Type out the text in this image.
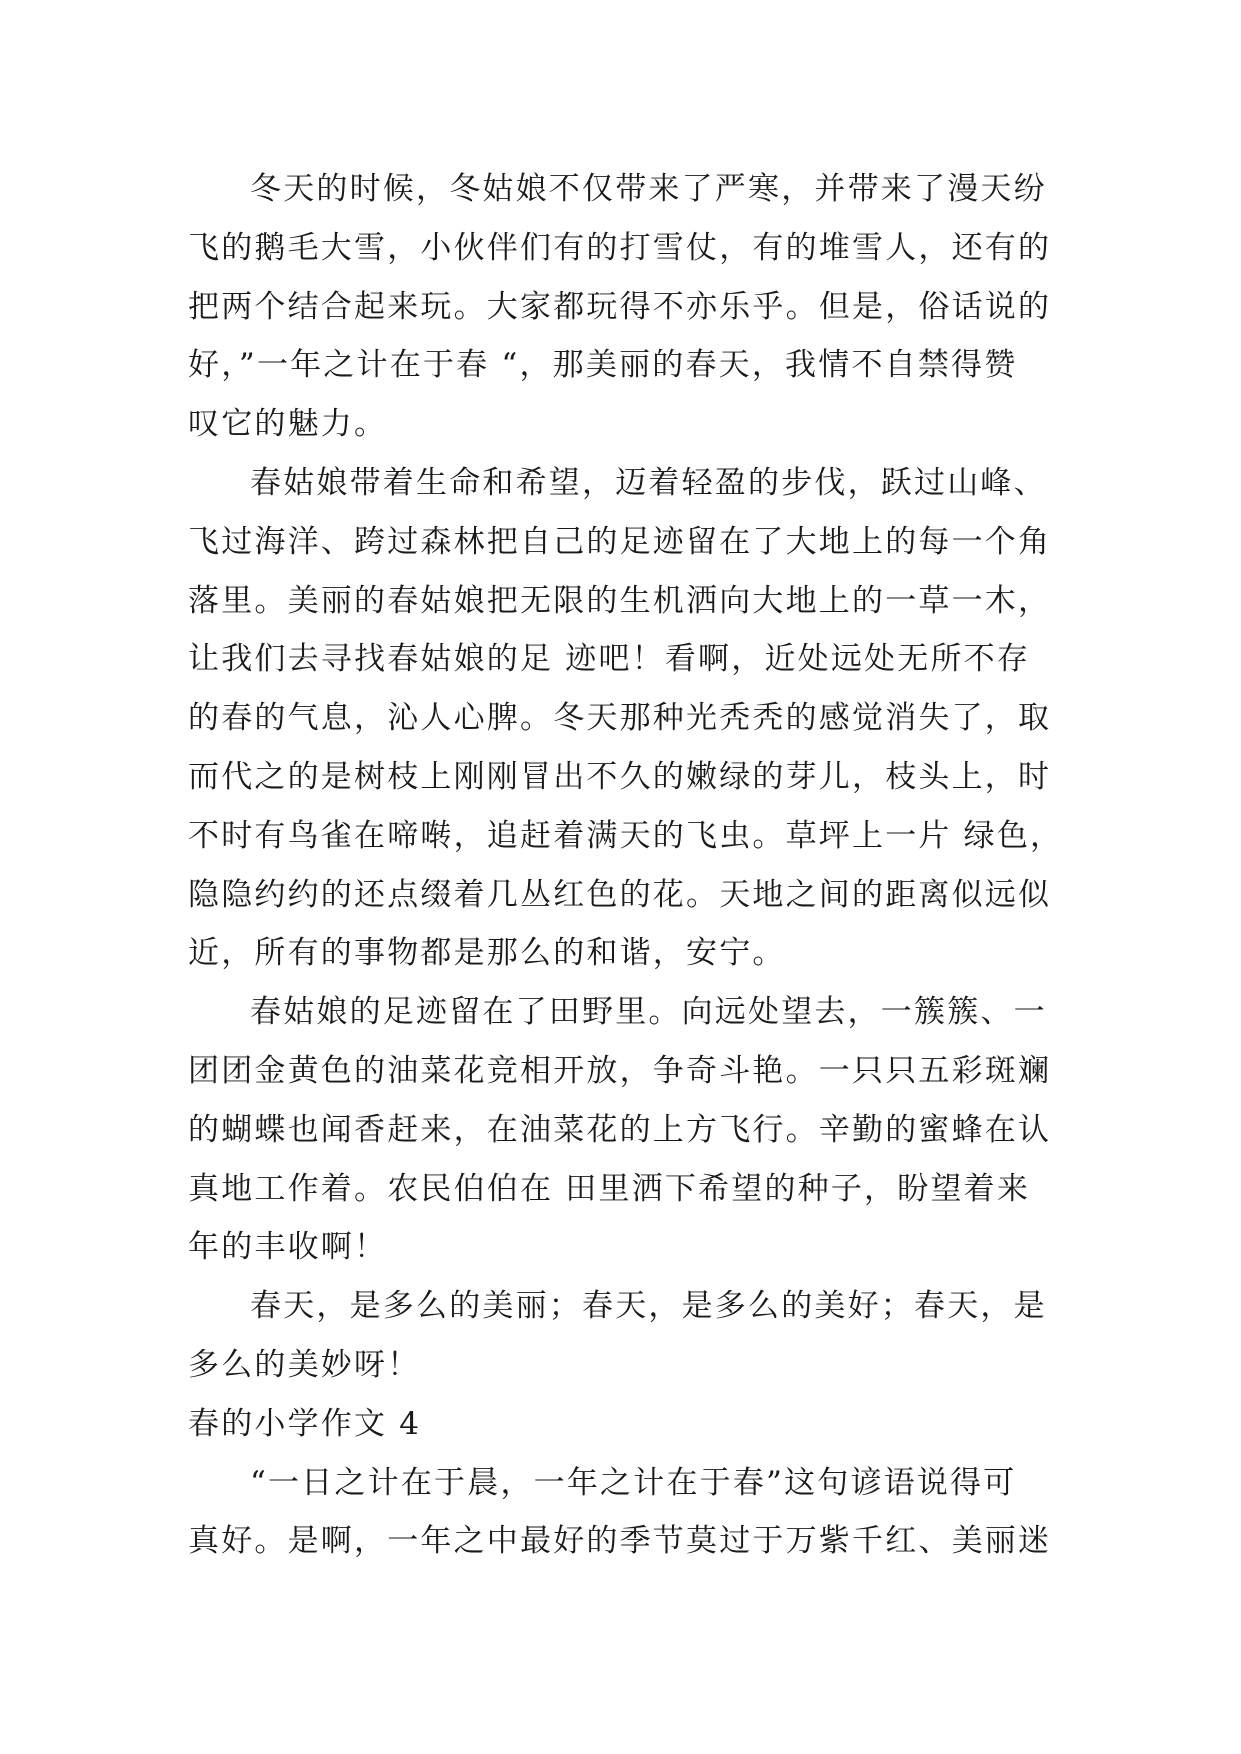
冬天的时候，冬姑娘不仅带来了严寒，并带来了漫天纷
飞的鹅毛大雪，小伙伴们有的打雪仗，有的堆雪人，还有的
把两个结合起来玩。大家都玩得不亦乐乎。但是，俗话说的
好，”一年之计在于春 “，那美丽的春天，我情不自禁得赞
叹它的魅力。
春姑娘带着生命和希望，迈着轻盈的步伐，跃过山峰、
飞过海洋、跨过森林把自己的足迹留在了大地上的每一个角
落里。美丽的春姑娘把无限的生机洒向大地上的一草一木，
让我们去寻找春姑娘的足 迹吧！看啊，近处远处无所不存
的春的气息，沁人心脾。冬天那种光秃秃的感觉消失了，取
而代之的是树枝上刚刚冒出不久的嫩绿的芽儿，枝头上，时
不时有鸟雀在啼啭，追赶着满天的飞虫。草坪上一片 绿色，
隐隐约约的还点缀着几丛红色的花。天地之间的距离似远似
近，所有的事物都是那么的和谐，安宁。
春姑娘的足迹留在了田野里。向远处望去，一簇簇、一
团团金黄色的油菜花竞相开放，争奇斗艳。一只只五彩斑斓
的蝴蝶也闻香赶来，在油菜花的上方飞行。辛勤的蜜蜂在认
真地工作着。农民伯伯在 田里洒下希望的种子，盼望着来
年的丰收啊！
春天，是多么的美丽；春天，是多么的美好；春天，是
多么的美妙呀！
春的小学作文 4
“一日之计在于晨，一年之计在于春”这句谚语说得可
真好。是啊，一年之中最好的季节莫过于万紫千红、美丽迷
